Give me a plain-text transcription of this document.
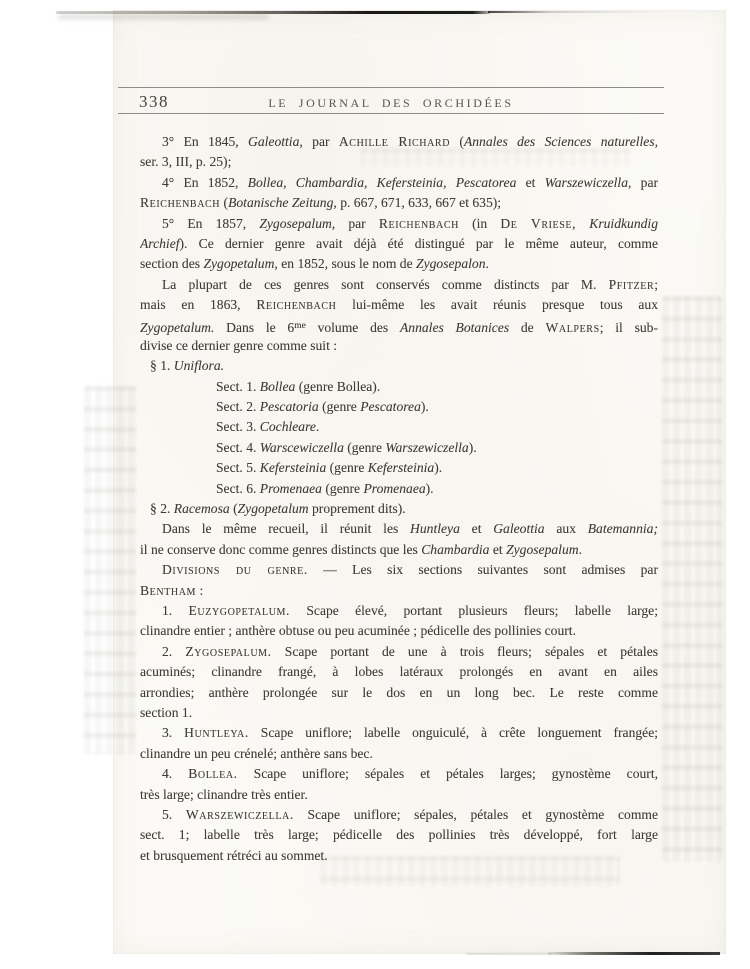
338	LE JOURNAL DES ORCHIDÉES
3° En 1845, Galeottia, par Achille Richard (Annales des Sciences naturelles,
ser. 3, III, p. 25);
4° En 1852, Bollea, Chambardia, Kefersteinia, Pescatorea et Warszewiczella, par
Reichenbach (Botanische Zeitung, p. 667, 671, 633, 667 et 635);
5° En 1857, Zygosepalum, par Reichenbach (in De Vriese, Kruidkundig
Archief). Ce dernier genre avait déjà été distingué par le même auteur, comme
section des Zygopetalum, en 1852, sous le nom de Zygosepalon.
La plupart de ces genres sont conservés comme distincts par M. Pfitzer;
mais en 1863, Reichenbach lui-même les avait réunis presque tous aux
Zygopetalum. Dans le $6^{me}$ volume des Annales Botanices de Walpers; il sub-
divise ce dernier genre comme suit :
§ 1. Uniflora.
Sect. 1. Bollea (genre Bollea).
Sect. 2. Pescatoria (genre Pescatorea).
Sect. 3. Cochleare.
Sect. 4. Warscewiczella (genre Warszewiczella).
Sect. 5. Kefersteinia (genre Kefersteinia).
Sect. 6. Promenaea (genre Promenaea).
§ 2. Racemosa (Zygopetalum proprement dits).
Dans le même recueil, il réunit les Huntleya et Galeottia aux Batemannia;
il ne conserve donc comme genres distincts que les Chambardia et Zygosepalum.
Divisions du genre. — Les six sections suivantes sont admises par
Bentham :
1. Euzygopetalum. Scape élevé, portant plusieurs fleurs; labelle large;
clinandre entier ; anthère obtuse ou peu acuminée ; pédicelle des pollinies court.
2. Zygosepalum. Scape portant de une à trois fleurs; sépales et pétales
acuminés; clinandre frangé, à lobes latéraux prolongés en avant en ailes
arrondies; anthère prolongée sur le dos en un long bec. Le reste comme
section 1.
3. Huntleya. Scape uniflore; labelle onguiculé, à crête longuement frangée;
clinandre un peu crénelé; anthère sans bec.
4. Bollea. Scape uniflore; sépales et pétales larges; gynostème court,
très large; clinandre très entier.
5. Warszewiczella. Scape uniflore; sépales, pétales et gynostème comme
sect. 1; labelle très large; pédicelle des pollinies très développé, fort large
et brusquement rétréci au sommet.
